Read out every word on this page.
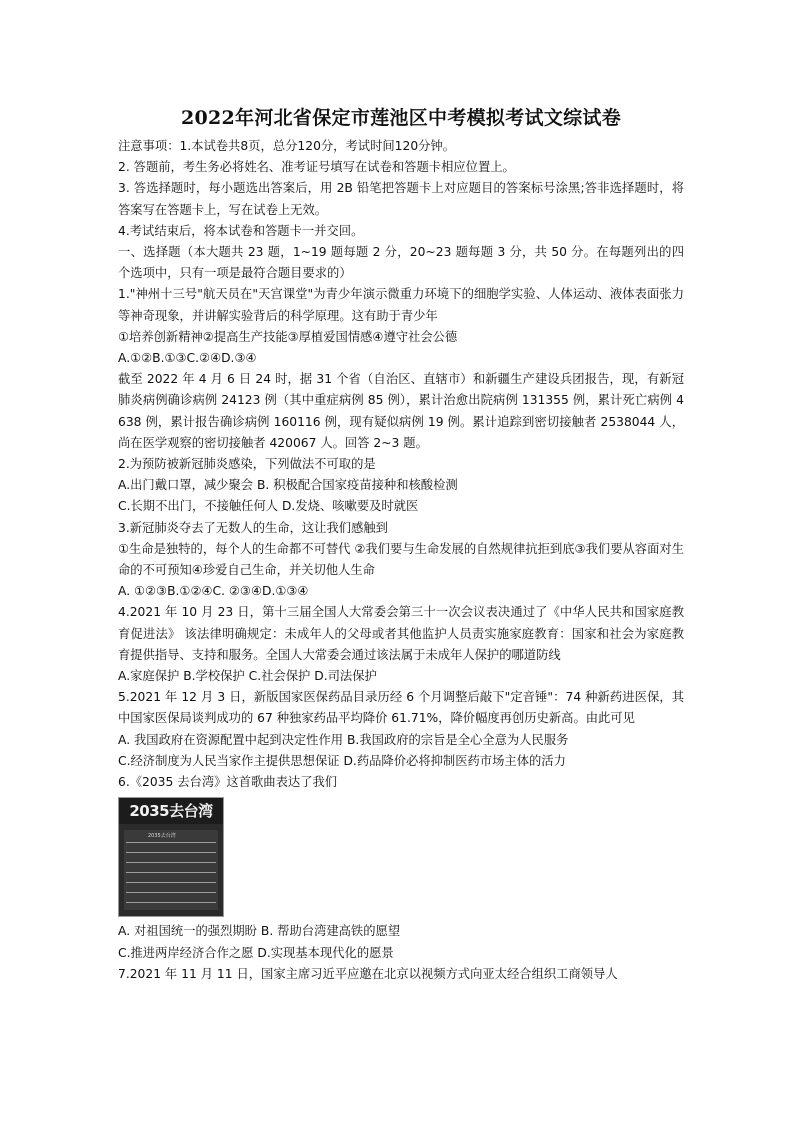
2022年河北省保定市莲池区中考模拟考试文综试卷

注意事项：1.本试卷共8页，总分120分，考试时间120分钟。

2. 答题前，考生务必将姓名、准考证号填写在试卷和答题卡相应位置上。

3. 答选择题时，每小题选出答案后，用 2B 铅笔把答题卡上对应题目的答案标号涂黑;答非选择题时，将答案写在答题卡上，写在试卷上无效。

4.考试结束后，将本试卷和答题卡一并交回。

一、选择题（本大题共 23 题，1~19 题每题 2 分，20~23 题每题 3 分，共 50 分。在每题列出的四个选项中，只有一项是最符合题目要求的）

1."神州十三号"航天员在"天宫课堂"为青少年演示微重力环境下的细胞学实验、人体运动、液体表面张力等神奇现象，并讲解实验背后的科学原理。这有助于青少年

①培养创新精神②提高生产技能③厚植爱国情感④遵守社会公德

A.①②B.①③C.②④D.③④

截至 2022 年 4 月 6 日 24 时，据 31 个省（自治区、直辖市）和新疆生产建设兵团报告，现，有新冠肺炎病例确诊病例 24123 例（其中重症病例 85 例），累计治愈出院病例 131355 例，累计死亡病例 4638 例，累计报告确诊病例 160116 例，现有疑似病例 19 例。累计追踪到密切接触者 2538044 人，尚在医学观察的密切接触者 420067 人。回答 2~3 题。

2.为预防被新冠肺炎感染，下列做法不可取的是

A.出门戴口罩，减少聚会 B. 积极配合国家疫苗接种和核酸检测

C.长期不出门，不接触任何人 D.发烧、咳嗽要及时就医

3.新冠肺炎夺去了无数人的生命，这让我们感触到

①生命是独特的，每个人的生命都不可替代 ②我们要与生命发展的自然规律抗拒到底③我们要从容面对生命的不可预知④珍爱自己生命，并关切他人生命

A. ①②③B.①②④C. ②③④D.①③④

4.2021 年 10 月 23 日，第十三届全国人大常委会第三十一次会议表决通过了《中华人民共和国家庭教育促进法》 该法律明确规定：未成年人的父母或者其他监护人员责实施家庭教育：国家和社会为家庭教育提供指导、支持和服务。全国人大常委会通过该法属于未成年人保护的哪道防线

A.家庭保护 B.学校保护 C.社会保护 D.司法保护

5.2021 年 12 月 3 日，新版国家医保药品目录历经 6 个月调整后敲下"定音锤"：74 种新药进医保，其中国家医保局谈判成功的 67 种独家药品平均降价 61.71%，降价幅度再创历史新高。由此可见

A. 我国政府在资源配置中起到决定性作用 B.我国政府的宗旨是全心全意为人民服务

C.经济制度为人民当家作主提供思想保证 D.药品降价必将抑制医药市场主体的活力

6.《2035 去台湾》这首歌曲表达了我们

2035去台湾
2035去台湾

A. 对祖国统一的强烈期盼 B. 帮助台湾建高铁的愿望

C.推进两岸经济合作之愿 D.实现基本现代化的愿景

7.2021 年 11 月 11 日，国家主席习近平应邀在北京以视频方式向亚太经合组织工商领导人
